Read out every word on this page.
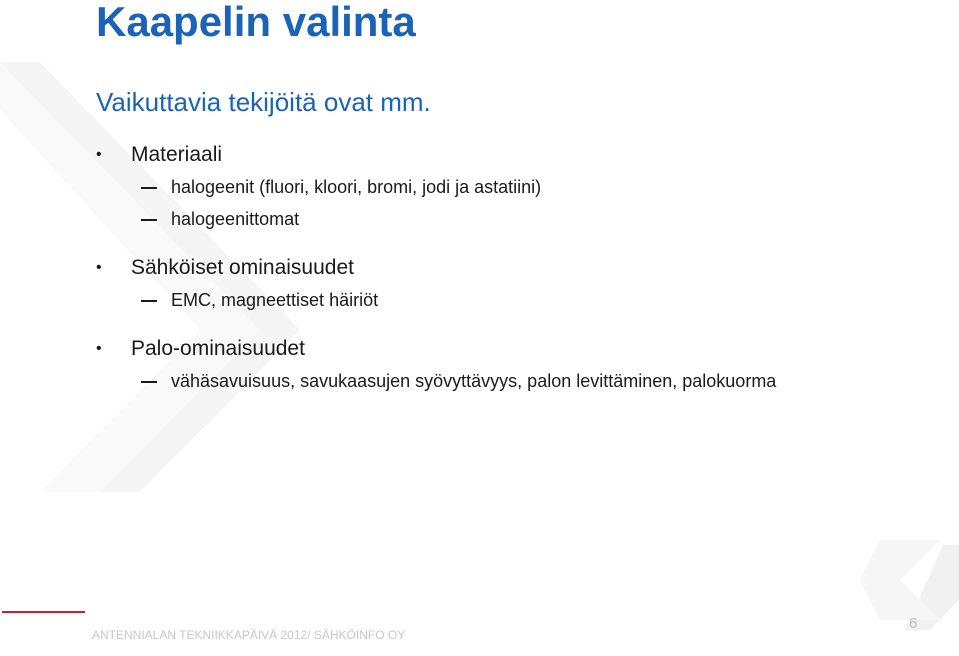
Kaapelin valinta

Vaikuttavia tekijöitä ovat mm.

• Materiaali
halogeenit (fluori, kloori, bromi, jodi ja astatiini)
halogeenittomat
• Sähköiset ominaisuudet
EMC, magneettiset häiriöt
• Palo-ominaisuudet
vähäsavuisuus, savukaasujen syövyttävyys, palon levittäminen, palokuorma
ANTENNIALAN TEKNIIKKAPÄIVÄ 2012/ SÄHKÖINFO OY
6
